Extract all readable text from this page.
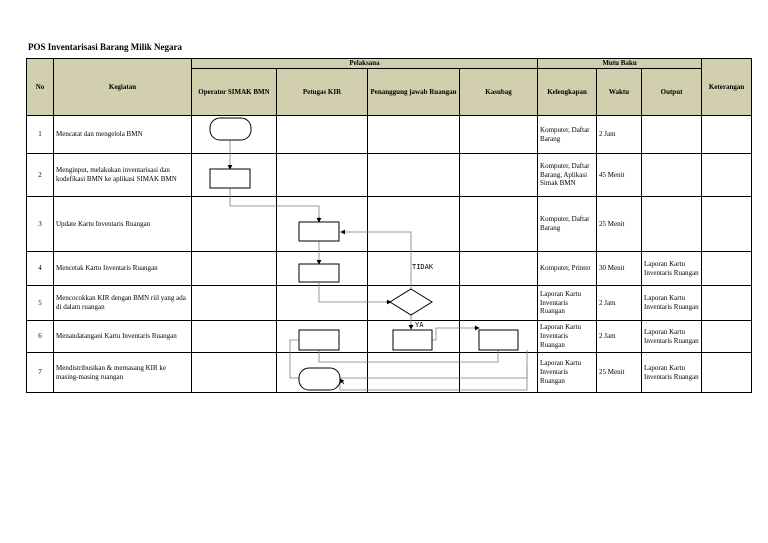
POS Inventarisasi Barang Milik Negara
No	Kegiatan	Pelaksana				Mutu Baku			Keterangan
		Operator SIMAK BMN	Petugas KIR	Penanggung jawab Ruangan	Kasubag	Kelengkapan	Waktu	Output	
1	Mencatat dan mengelola BMN					Komputer, Daftar Barang	2 Jam		
2	Menginput, melakukan inventarisasi dan kodefikasi BMN ke aplikasi SIMAK BMN					Komputer, Daftar Barang, Aplikasi Simak BMN	45 Menit		
3	Update Kartu Inventaris Ruangan					Komputer, Daftar Barang	25 Menit		
4	Mencetak Kartu Inventaris Ruangan					Komputer, Printer	30 Menit	Laporan Kartu Inventaris Ruangan	
5	Mencocokkan KIR dengan BMN riil yang ada di dalam ruangan					Laporan Kartu Inventaris Ruangan	2 Jam	Laporan Kartu Inventaris Ruangan	
6	Menandatangani Kartu Inventaris Ruangan					Laporan Kartu Inventaris Ruangan	2 Jam	Laporan Kartu Inventaris Ruangan	
7	Mendistribusikan & memasang KIR ke masing-masing ruangan					Laporan Kartu Inventaris Ruangan	25 Menit	Laporan Kartu Inventaris Ruangan	
TIDAK
YA
